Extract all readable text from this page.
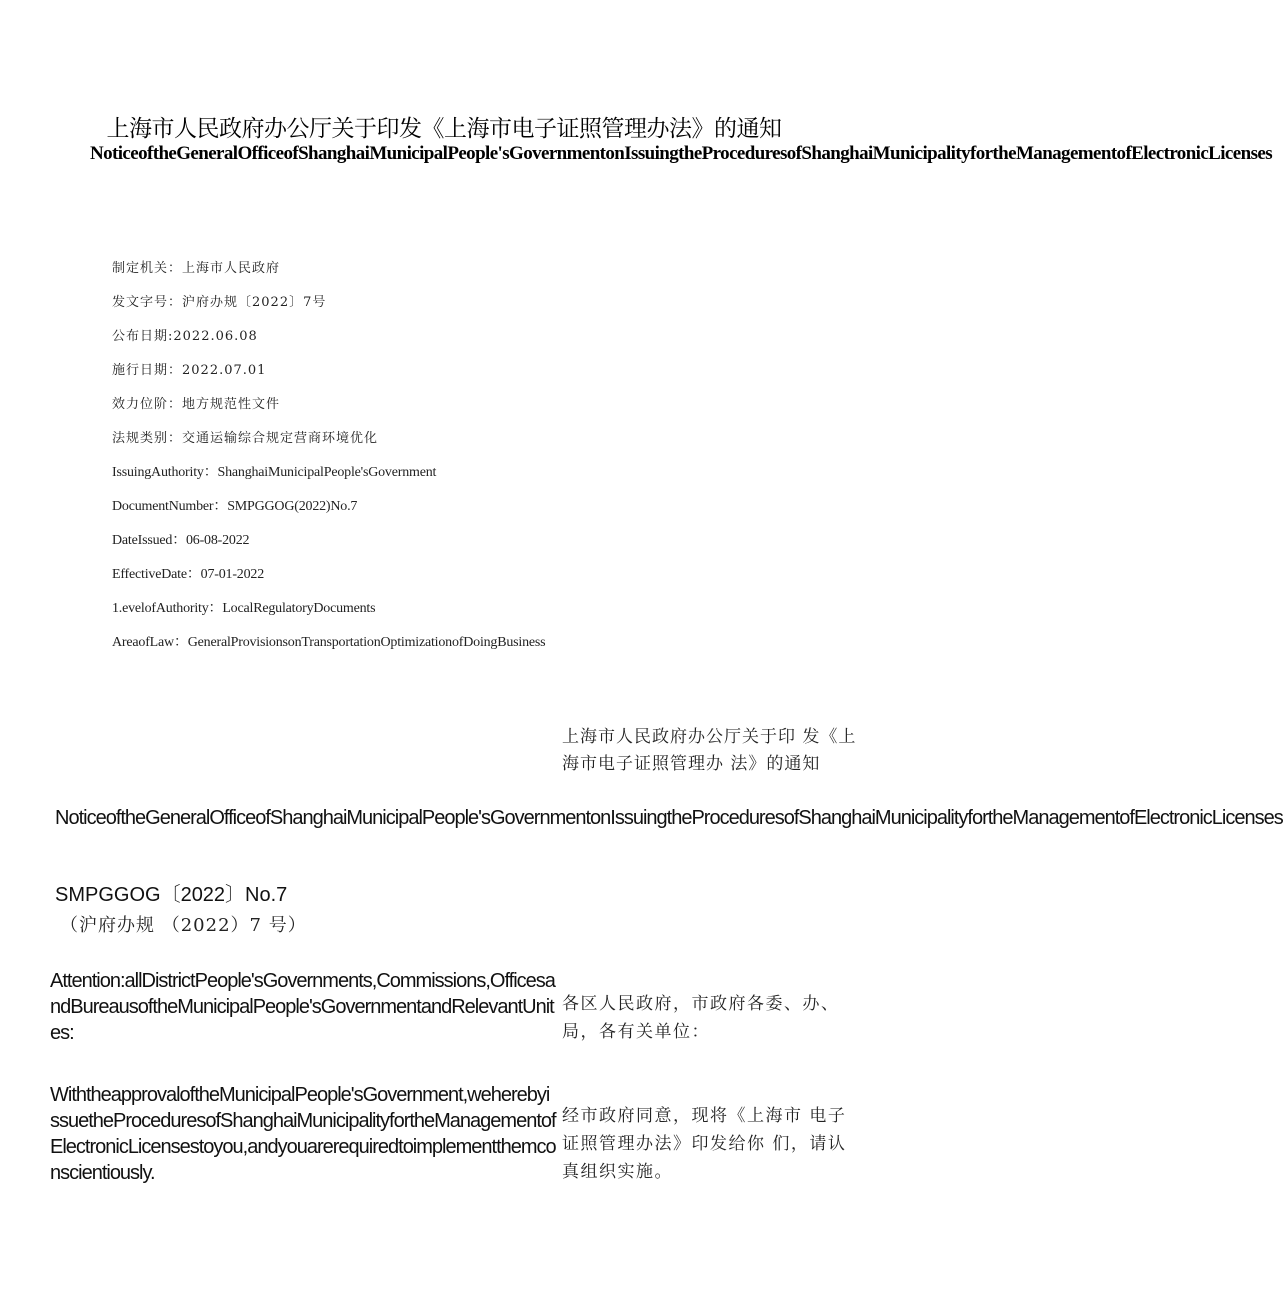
上海市人民政府办公厅关于印发《上海市电子证照管理办法》的通知
NoticeoftheGeneralOfficeofShanghaiMunicipalPeople'sGovernmentonIssuingtheProceduresofShanghaiMunicipalityfortheManagementofElectronicLicenses
制定机关：上海市人民政府
发文字号：沪府办规〔2022〕7号
公布日期:2022.06.08
施行日期：2022.07.01
效力位阶：地方规范性文件
法规类别：交通运输综合规定营商环境优化
IssuingAuthority：ShanghaiMunicipalPeople'sGovernment
DocumentNumber：SMPGGOG(2022)No.7
DateIssued：06-08-2022
EffectiveDate：07-01-2022
1.evelofAuthority：LocalRegulatoryDocuments
AreaofLaw：GeneralProvisionsonTransportationOptimizationofDoingBusiness
上海市人民政府办公厅关于印 发《上海市电子证照管理办 法》的通知
NoticeoftheGeneralOfficeofShanghaiMunicipalPeople'sGovernmentonIssuingtheProceduresofShanghaiMunicipalityfortheManagementofElectronicLicenses
SMPGGOG〔2022〕No.7
（沪府办规 （2022）7 号）
Attention:allDistrictPeople'sGovernments,Commissions,OfficesandBureausoftheMunicipalPeople'sGovernmentandRelevantUnites:
各区人民政府，市政府各委、办、局，各有关单位：
WiththeapprovaloftheMunicipalPeople'sGovernment,weherebyissuetheProceduresofShanghaiMunicipalityfortheManagementofElectronicLicensestoyou,andyouarerequiredtoimplementthemconscientiously.
经市政府同意，现将《上海市 电子证照管理办法》印发给你 们，请认真组织实施。
